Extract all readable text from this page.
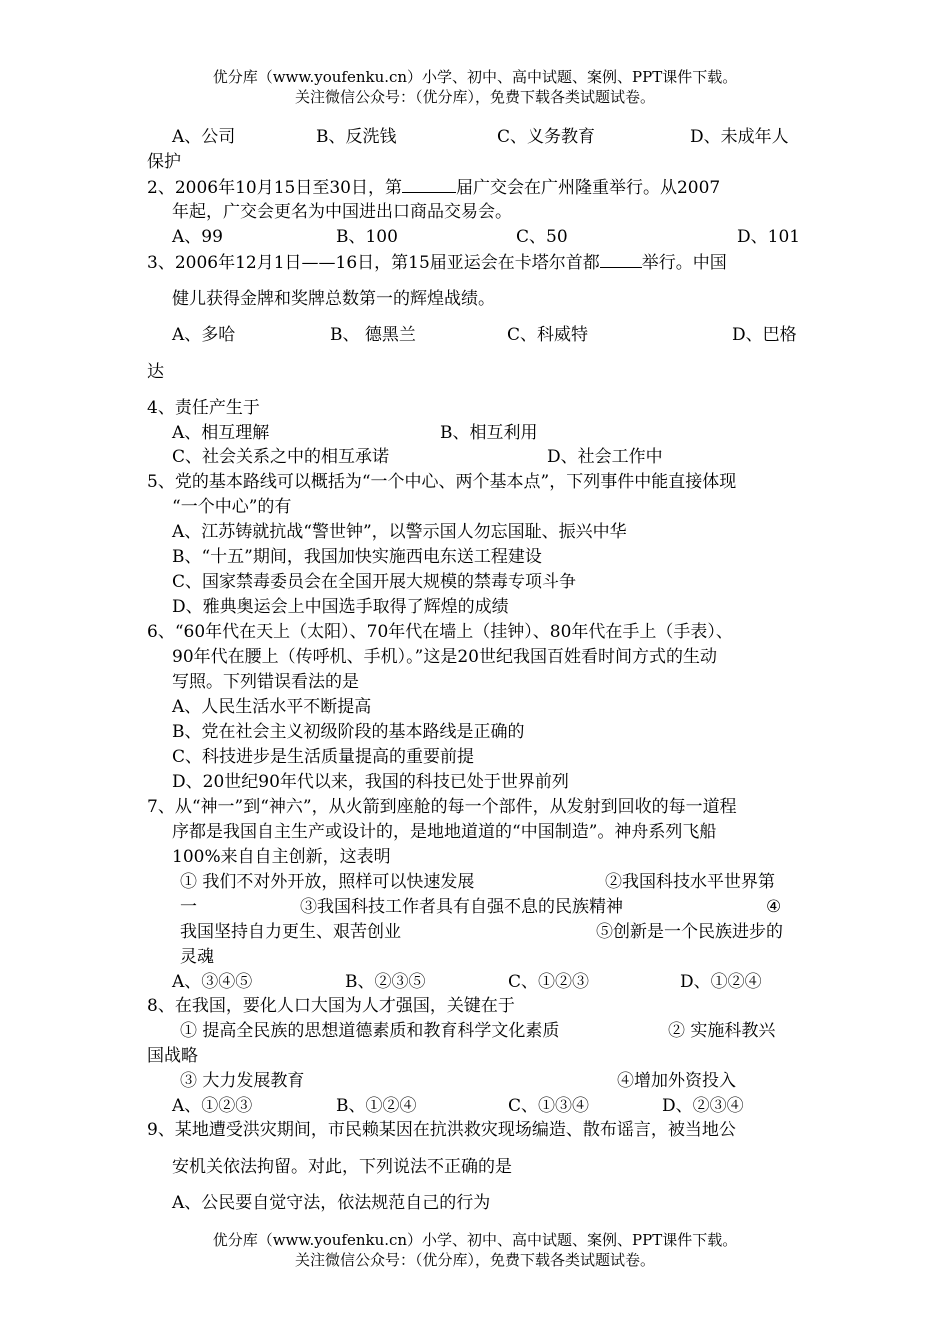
优分库（www.youfenku.cn）小学、初中、高中试题、案例、PPT课件下载。
关注微信公众号：（优分库），免费下载各类试题试卷。
A、公司	B、反洗钱	C、义务教育	D、未成年人
保护
2、2006年10月15日至30日，第	届广交会在广州隆重举行。从2007
年起，广交会更名为中国进出口商品交易会。
A、99	B、100	C、50	D、101
3、2006年12月1日——16日，第15届亚运会在卡塔尔首都 举行。中国
健儿获得金牌和奖牌总数第一的辉煌战绩。
A、多哈	B、 德黑兰	C、科威特	D、巴格
达
4、责任产生于
A、相互理解	B、相互利用
C、社会关系之中的相互承诺	D、社会工作中
5、党的基本路线可以概括为“一个中心、两个基本点”，下列事件中能直接体现
“一个中心”的有
A、江苏铸就抗战“警世钟”，以警示国人勿忘国耻、振兴中华
B、“十五”期间，我国加快实施西电东送工程建设
C、国家禁毒委员会在全国开展大规模的禁毒专项斗争
D、雅典奥运会上中国选手取得了辉煌的成绩
6、“60年代在天上（太阳）、70年代在墙上（挂钟）、80年代在手上（手表）、
90年代在腰上（传呼机、手机）。”这是20世纪我国百姓看时间方式的生动
写照。下列错误看法的是
A、人民生活水平不断提高
B、党在社会主义初级阶段的基本路线是正确的
C、科技进步是生活质量提高的重要前提
D、20世纪90年代以来，我国的科技已处于世界前列
7、从“神一”到“神六”，从火箭到座舱的每一个部件，从发射到回收的每一道程
序都是我国自主生产或设计的，是地地道道的“中国制造”。神舟系列飞船
100%来自自主创新，这表明
① 我们不对外开放，照样可以快速发展	②我国科技水平世界第
一	③我国科技工作者具有自强不息的民族精神	④
我国坚持自力更生、艰苦创业	⑤创新是一个民族进步的
灵魂
A、③④⑤	B、②③⑤	C、①②③	D、①②④
8、在我国，要化人口大国为人才强国，关键在于
① 提高全民族的思想道德素质和教育科学文化素质	② 实施科教兴
国战略
③ 大力发展教育	④增加外资投入
A、①②③	B、①②④	C、①③④	D、②③④
9、某地遭受洪灾期间，市民赖某因在抗洪救灾现场编造、散布谣言，被当地公
安机关依法拘留。对此，下列说法不正确的是
A、公民要自觉守法，依法规范自己的行为
优分库（www.youfenku.cn）小学、初中、高中试题、案例、PPT课件下载。
关注微信公众号：（优分库），免费下载各类试题试卷。
